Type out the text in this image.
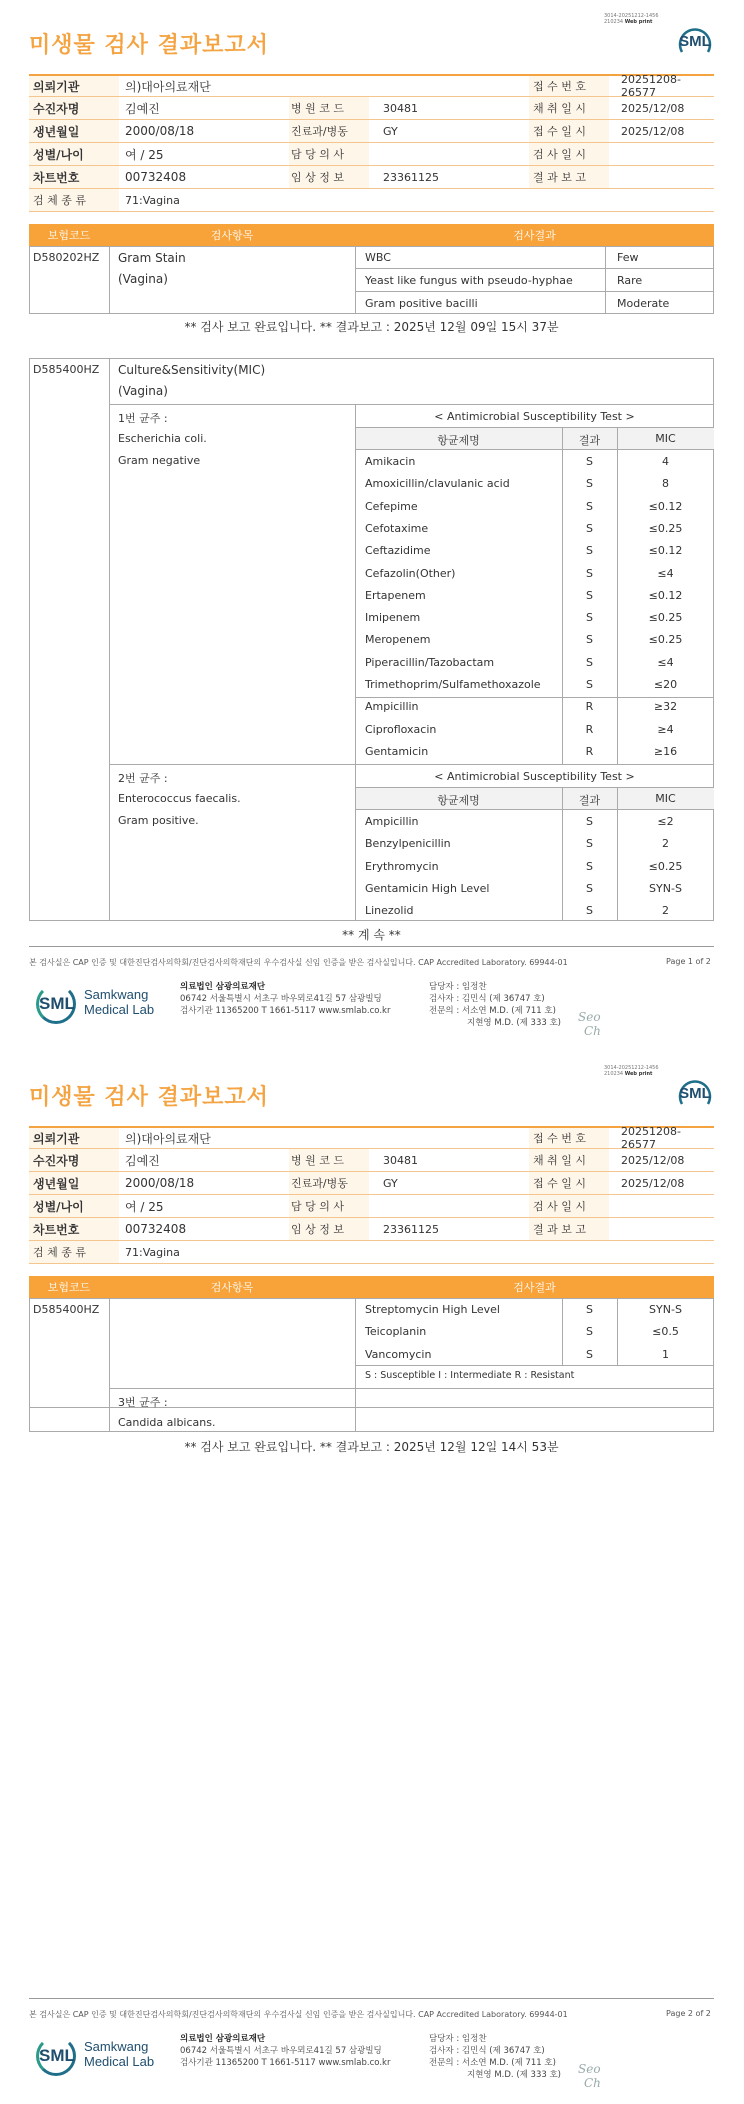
3014-20251212-1456
210234 Web print
미생물 검사 결과보고서	SML
의뢰기관	의)대아의료재단	접 수 번 호
20251208-26577
수진자명	김예진	병 원 코 드	30481	채 취 일 시	2025/12/08
생년월일	2000/08/18	진료과/병동	GY	접 수 일 시	2025/12/08
성별/나이	여 / 25	담 당 의 사	검 사 일 시
차트번호	00732408	임 상 정 보	23361125	결 과 보 고
검 체 종 류	71:Vagina
보험코드	검사항목	검사결과
D580202HZ Gram Stain
(Vagina)
WBC	Few
Yeast like fungus with pseudo-hyphae	Rare
Gram positive bacilli	Moderate
** 검사 보고 완료입니다. ** 결과보고 : 2025년 12월 09일 15시 37분
D585400HZ Culture&Sensitivity(MIC)
(Vagina)
1번 균주 :
Escherichia coli.
Gram negative
< Antimicrobial Susceptibility Test >
항균제명	결과	MIC
Amikacin	S	4
Amoxicillin/clavulanic acid	S	8
Cefepime	S	≤0.12
Cefotaxime	S	≤0.25
Ceftazidime	S	≤0.12
Cefazolin(Other)	S	≤4
Ertapenem	S	≤0.12
Imipenem	S	≤0.25
Meropenem	S	≤0.25
Piperacillin/Tazobactam	S	≤4
Trimethoprim/Sulfamethoxazole	S	≤20
Ampicillin	R	≥32
Ciprofloxacin	R	≥4
Gentamicin	R	≥16
2번 균주 :
Enterococcus faecalis.
Gram positive.
< Antimicrobial Susceptibility Test >
항균제명	결과	MIC
Ampicillin	S	≤2
Benzylpenicillin	S	2
Erythromycin	S	≤0.25
Gentamicin High Level	S	SYN-S
Linezolid	S	2
** 계 속 **
본 검사실은 CAP 인증 및 대한진단검사의학회/진단검사의학재단의 우수검사실 신임 인증을 받은 검사실입니다. CAP Accredited Laboratory. 69944-01	Page 1 of 2
SML Samkwang
Medical Lab
의료법인 삼광의료재단
06742 서울특별시 서초구 바우뫼로41길 57 삼광빌딩
검사기관 11365200 T 1661-5117 www.smlab.co.kr
담당자 : 임정찬
검사자 : 김민식 (제 36747 호)
전문의 : 서소연 M.D. (제 711 호)
지현영 M.D. (제 333 호) Seo
Ch
3014-20251212-1456
210234 Web print
미생물 검사 결과보고서	SML
의뢰기관	의)대아의료재단	접 수 번 호
20251208-26577
수진자명	김예진	병 원 코 드	30481	채 취 일 시	2025/12/08
생년월일	2000/08/18	진료과/병동	GY	접 수 일 시	2025/12/08
성별/나이	여 / 25	담 당 의 사	검 사 일 시
차트번호	00732408	임 상 정 보	23361125	결 과 보 고
검 체 종 류	71:Vagina
보험코드	검사항목	검사결과
D585400HZ	Streptomycin High Level	S	SYN-S
Teicoplanin	S	≤0.5
Vancomycin	S	1
S : Susceptible I : Intermediate R : Resistant
3번 균주 :
Candida albicans.
** 검사 보고 완료입니다. ** 결과보고 : 2025년 12월 12일 14시 53분
본 검사실은 CAP 인증 및 대한진단검사의학회/진단검사의학재단의 우수검사실 신임 인증을 받은 검사실입니다. CAP Accredited Laboratory. 69944-01	Page 2 of 2
SML Samkwang
Medical Lab
의료법인 삼광의료재단
06742 서울특별시 서초구 바우뫼로41길 57 삼광빌딩
검사기관 11365200 T 1661-5117 www.smlab.co.kr
담당자 : 임정찬
검사자 : 김민식 (제 36747 호)
전문의 : 서소연 M.D. (제 711 호)
지현영 M.D. (제 333 호) Seo
Ch
